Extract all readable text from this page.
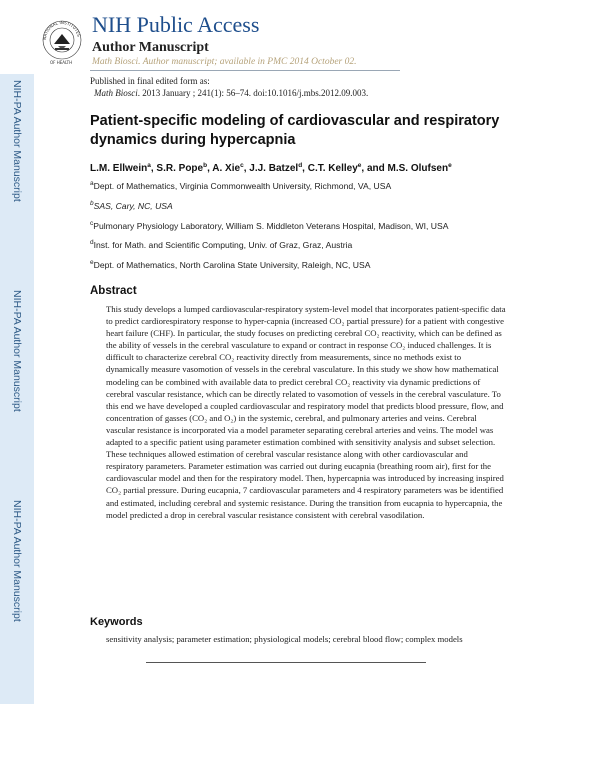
NIH-PA Author Manuscript
NIH-PA Author Manuscript
NIH-PA Author Manuscript
NATIONAL INSTITUTES
OF HEALTH
NIH Public Access
Author Manuscript
Math Biosci. Author manuscript; available in PMC 2014 October 02.
Published in final edited form as:
Math Biosci. 2013 January ; 241(1): 56–74. doi:10.1016/j.mbs.2012.09.003.
Patient-specific modeling of cardiovascular and respiratory dynamics during hypercapnia
L.M. Ellwein$^a$, S.R. Pope$^b$, A. Xie$^c$, J.J. Batzel$^d$, C.T. Kelley$^e$, and M.S. Olufsen$^e$
$^a$Dept. of Mathematics, Virginia Commonwealth University, Richmond, VA, USA
$^b$SAS, Cary, NC, USA
$^c$Pulmonary Physiology Laboratory, William S. Middleton Veterans Hospital, Madison, WI, USA
$^d$Inst. for Math. and Scientific Computing, Univ. of Graz, Graz, Austria
$^e$Dept. of Mathematics, North Carolina State University, Raleigh, NC, USA
Abstract
This study develops a lumped cardiovascular-respiratory system-level model that incorporates patient-specific data to predict cardiorespiratory response to hyper-capnia (increased CO₂ partial pressure) for a patient with congestive heart failure (CHF). In particular, the study focuses on predicting cerebral CO₂ reactivity, which can be defined as the ability of vessels in the cerebral vasculature to expand or contract in response CO₂ induced challenges. It is difficult to characterize cerebral CO₂ reactivity directly from measurements, since no methods exist to dynamically measure vasomotion of vessels in the cerebral vasculature. In this study we show how mathematical modeling can be combined with available data to predict cerebral CO₂ reactivity via dynamic predictions of cerebral vascular resistance, which can be directly related to vasomotion of vessels in the cerebral vasculature. To this end we have developed a coupled cardiovascular and respiratory model that predicts blood pressure, flow, and concentration of gasses (CO₂ and O₂) in the systemic, cerebral, and pulmonary arteries and veins. Cerebral vascular resistance is incorporated via a model parameter separating cerebral arteries and veins. The model was adapted to a specific patient using parameter estimation combined with sensitivity analysis and subset selection. These techniques allowed estimation of cerebral vascular resistance along with other cardiovascular and respiratory parameters. Parameter estimation was carried out during eucapnia (breathing room air), first for the cardiovascular model and then for the respiratory model. Then, hypercapnia was introduced by increasing inspired CO₂ partial pressure. During eucapnia, 7 cardiovascular parameters and 4 respiratory parameters was be identified and estimated, including cerebral and systemic resistance. During the transition from eucapnia to hypercapnia, the model predicted a drop in cerebral vascular resistance consistent with cerebral vasodilation.
Keywords
sensitivity analysis; parameter estimation; physiological models; cerebral blood flow; complex models
